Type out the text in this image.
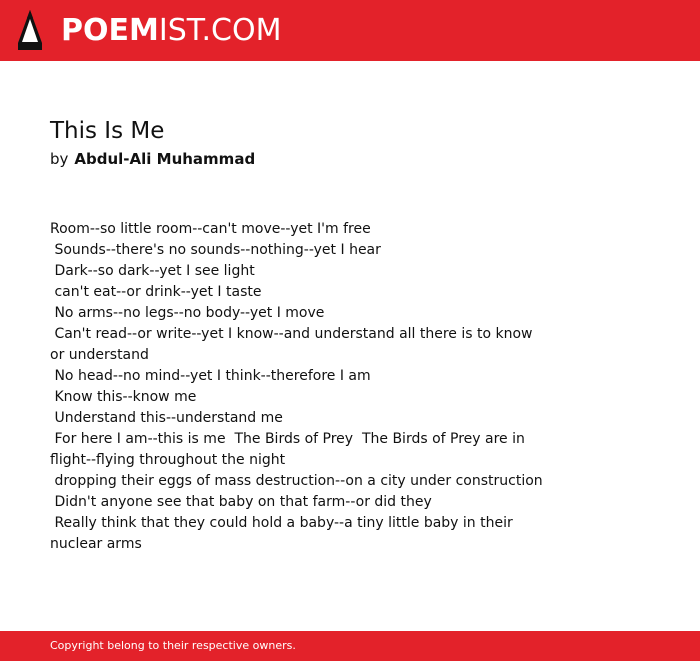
POEMIST.COM
This Is Me
by Abdul-Ali Muhammad
Room--so little room--can't move--yet I'm free
Sounds--there's no sounds--nothing--yet I hear
Dark--so dark--yet I see light
can't eat--or drink--yet I taste
No arms--no legs--no body--yet I move
Can't read--or write--yet I know--and understand all there is to know or understand
No head--no mind--yet I think--therefore I am
Know this--know me
Understand this--understand me
For here I am--this is me  The Birds of Prey  The Birds of Prey are in flight--flying throughout the night
dropping their eggs of mass destruction--on a city under construction
Didn't anyone see that baby on that farm--or did they
Really think that they could hold a baby--a tiny little baby in their nuclear arms
Copyright belong to their respective owners.
